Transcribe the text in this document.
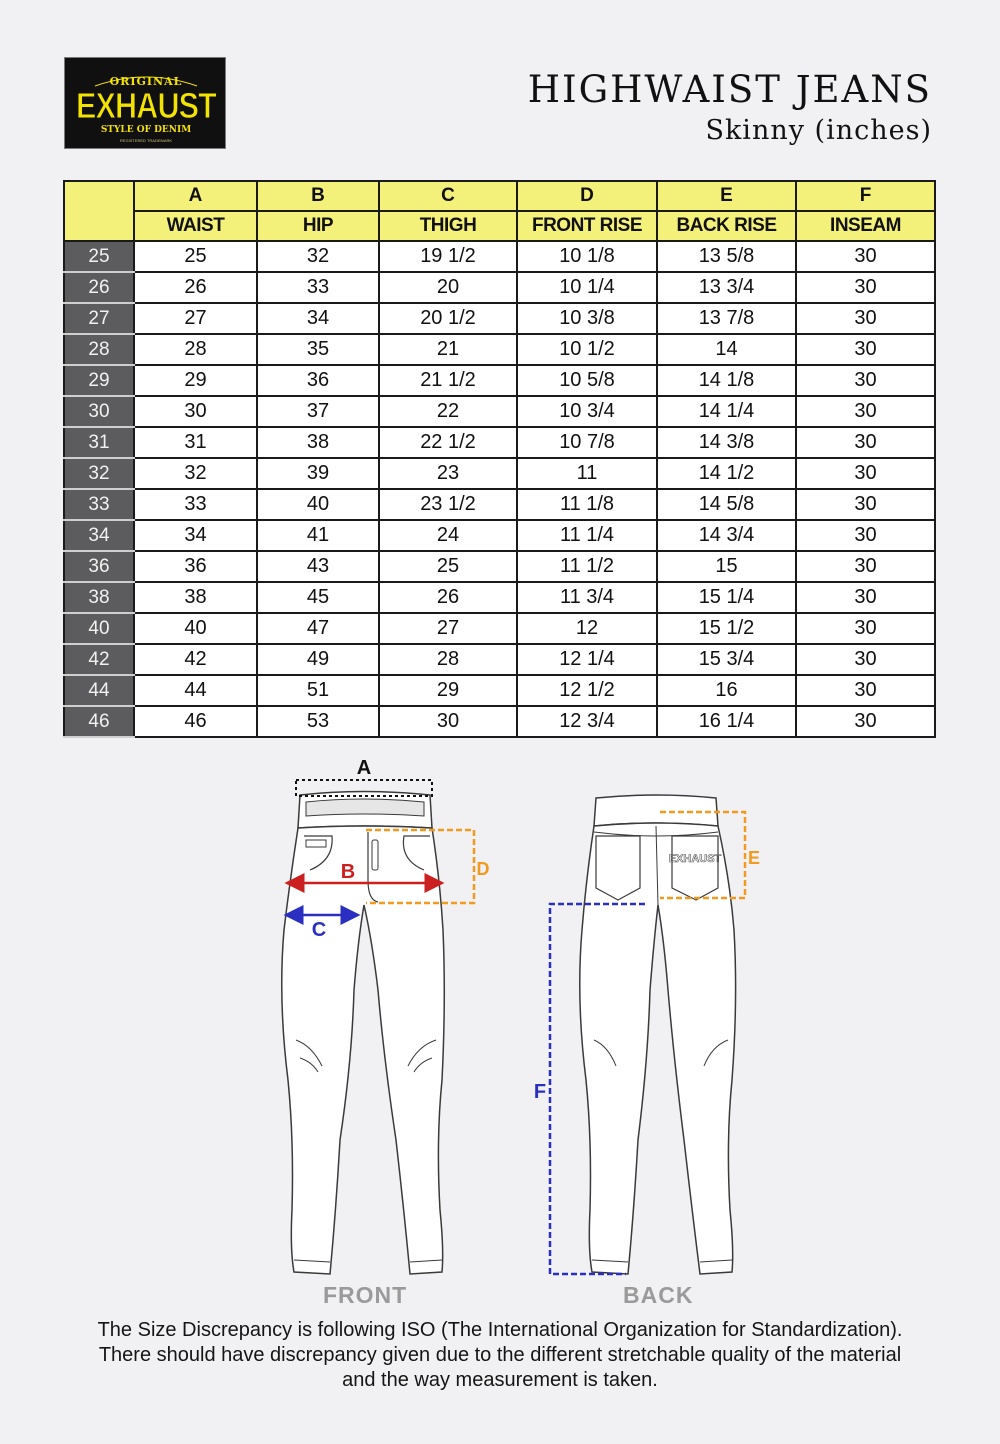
ORIGINAL
EXHAUST
STYLE OF DENIM
REGISTERED TRADEMARK
HIGHWAIST JEANS
Skinny (inches)
	A	B	C	D	E	F
	WAIST	HIP	THIGH	FRONT RISE	BACK RISE	INSEAM
25	25	32	19 1/2	10 1/8	13 5/8	30
26	26	33	20	10 1/4	13 3/4	30
27	27	34	20 1/2	10 3/8	13 7/8	30
28	28	35	21	10 1/2	14	30
29	29	36	21 1/2	10 5/8	14 1/8	30
30	30	37	22	10 3/4	14 1/4	30
31	31	38	22 1/2	10 7/8	14 3/8	30
32	32	39	23	11	14 1/2	30
33	33	40	23 1/2	11 1/8	14 5/8	30
34	34	41	24	11 1/4	14 3/4	30
36	36	43	25	11 1/2	15	30
38	38	45	26	11 3/4	15 1/4	30
40	40	47	27	12	15 1/2	30
42	42	49	28	12 1/4	15 3/4	30
44	44	51	29	12 1/2	16	30
46	46	53	30	12 3/4	16 1/4	30
A
B
C
D	EXHAUST E
F
FRONT	BACK
The Size Discrepancy is following ISO (The International Organization for Standardization).
There should have discrepancy given due to the different stretchable quality of the material
and the way measurement is taken.
